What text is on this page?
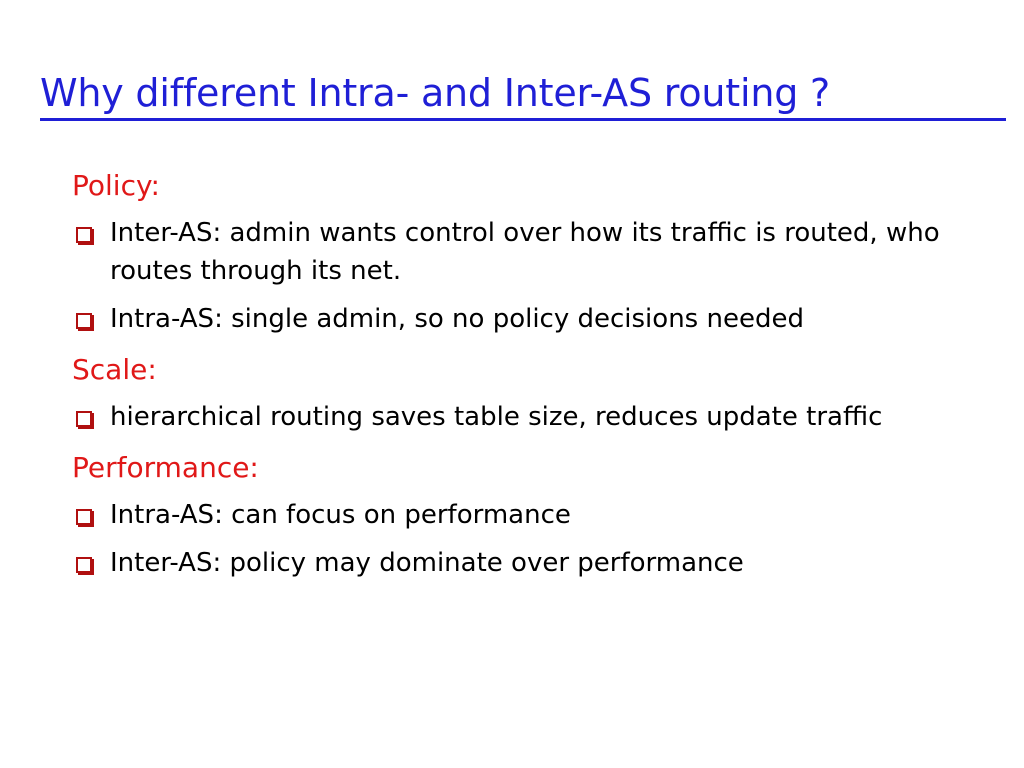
Why different Intra- and Inter-AS routing ?
Policy:
Inter-AS: admin wants control over how its traffic is routed, who routes through its net.
Intra-AS: single admin, so no policy decisions needed
Scale:
hierarchical routing saves table size, reduces update traffic
Performance:
Intra-AS: can focus on performance
Inter-AS: policy may dominate over performance
